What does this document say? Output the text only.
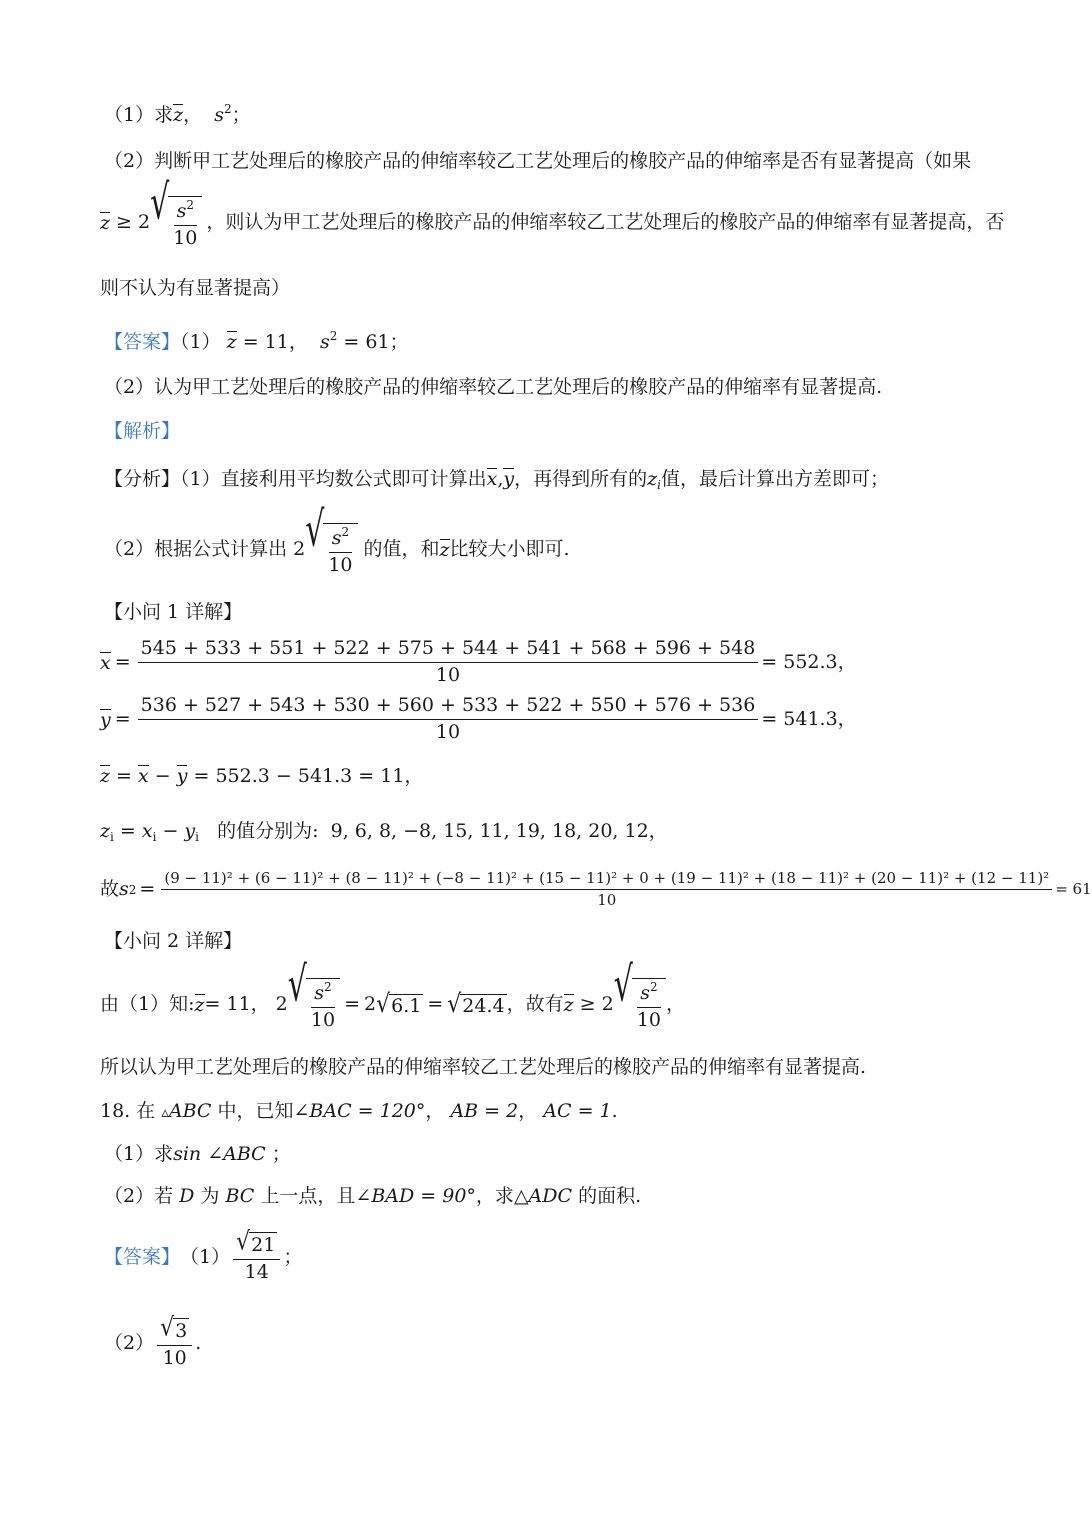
（1）求z， $s^2$；
（2）判断甲工艺处理后的橡胶产品的伸缩率较乙工艺处理后的橡胶产品的伸缩率是否有显著提高（如果
z ≥ 2 √ $\frac{s^2}{10}$ ，则认为甲工艺处理后的橡胶产品的伸缩率较乙工艺处理后的橡胶产品的伸缩率有显著提高，否
则不认为有显著提高）
【答案】（1） z = 11， $s^2 = 61$；
（2）认为甲工艺处理后的橡胶产品的伸缩率较乙工艺处理后的橡胶产品的伸缩率有显著提高.
【解析】
【分析】（1）直接利用平均数公式即可计算出x,y，再得到所有的$z_i$值，最后计算出方差即可；
（2）根据公式计算出 2 √ $\frac{s^2}{10}$ 的值，和 z 比较大小即可.
【小问 1 详解】
$x = \frac{545 + 533 + 551 + 522 + 575 + 544 + 541 + 568 + 596 + 548}{10} = 552.3$，
$y = \frac{536 + 527 + 543 + 530 + 560 + 533 + 522 + 550 + 576 + 536}{10} = 541.3$，
z = x − y = 552.3 − 541.3 = 11，
$z_i = x_i - y_i$ 的值分别为: 9, 6, 8, −8, 15, 11, 19, 18, 20, 12，
故 s 2 =
(9 − 11)² + (6 − 11)² + (8 − 11)² + (−8 − 11)² + (15 − 11)² + 0 + (19 − 11)² + (18 − 11)² + (20 − 11)² + (12 − 11)²
10
= 61
【小问 2 详解】
由（1）知: z = 11， 2 √ $\frac{s^2}{10} = 2$ √ 6.1 = √ 24.4 ，故有 z ≥ 2 √ $\frac{s^2}{10}$ ，
所以认为甲工艺处理后的橡胶产品的伸缩率较乙工艺处理后的橡胶产品的伸缩率有显著提高.
18. 在 ▵ABC 中，已知∠BAC = 120°， AB = 2， AC = 1.
（1）求sin ∠ABC ；
（2）若 D 为 BC 上一点，且∠BAD = 90°，求△ADC 的面积.
【答案】 $(1) \frac{√ 21}{14}$ ；
$(2) \frac{√ 3}{10}$ .
